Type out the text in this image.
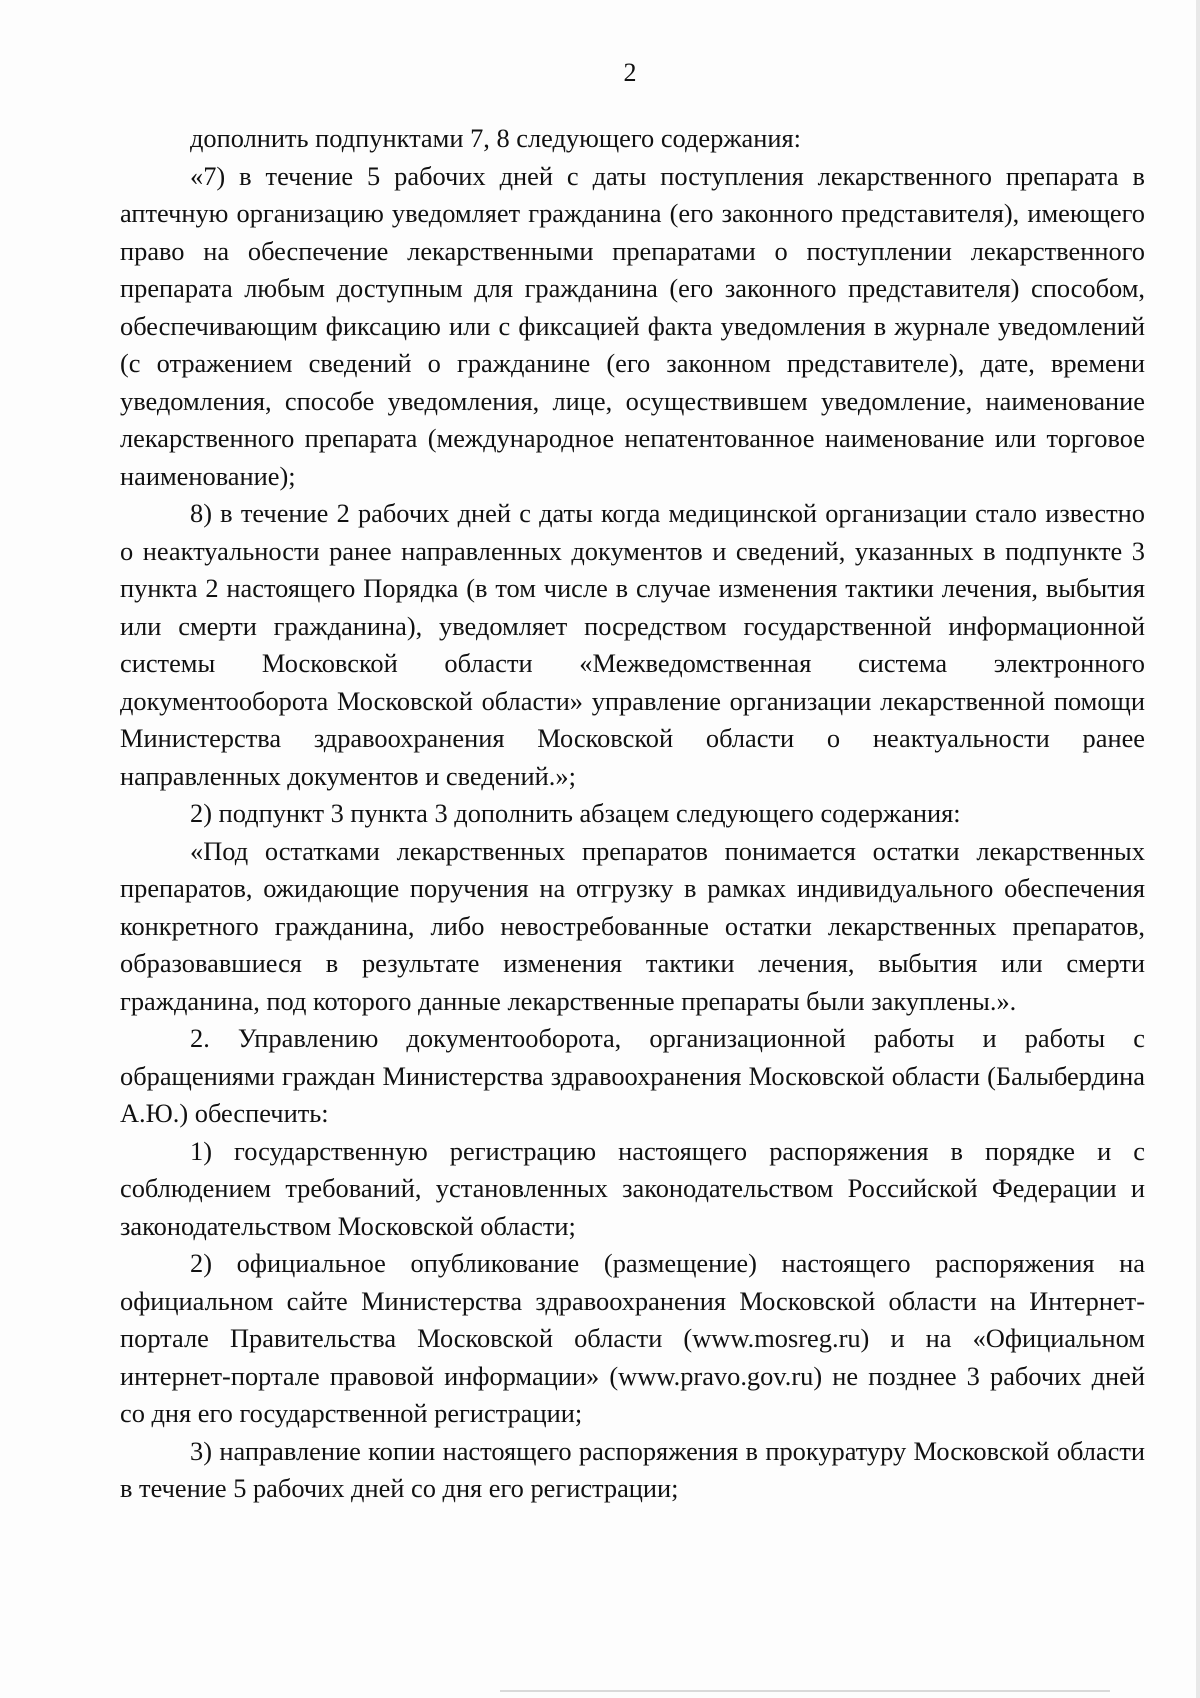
2

дополнить подпунктами 7, 8 следующего содержания:

«7) в течение 5 рабочих дней с даты поступления лекарственного препарата в аптечную организацию уведомляет гражданина (его законного представителя), имеющего право на обеспечение лекарственными препаратами о поступлении лекарственного препарата любым доступным для гражданина (его законного представителя) способом, обеспечивающим фиксацию или с фиксацией факта уведомления в журнале уведомлений (с отражением сведений о гражданине (его законном представителе), дате, времени уведомления, способе уведомления, лице, осуществившем уведомление, наименование лекарственного препарата (международное непатентованное наименование или торговое наименование);

8) в течение 2 рабочих дней с даты когда медицинской организации стало известно о неактуальности ранее направленных документов и сведений, указанных в подпункте 3 пункта 2 настоящего Порядка (в том числе в случае изменения тактики лечения, выбытия или смерти гражданина), уведомляет посредством государственной информационной системы Московской области «Межведомственная система электронного документооборота Московской области» управление организации лекарственной помощи Министерства здравоохранения Московской области о неактуальности ранее направленных документов и сведений.»;

2) подпункт 3 пункта 3 дополнить абзацем следующего содержания:

«Под остатками лекарственных препаратов понимается остатки лекарственных препаратов, ожидающие поручения на отгрузку в рамках индивидуального обеспечения конкретного гражданина, либо невостребованные остатки лекарственных препаратов, образовавшиеся в результате изменения тактики лечения, выбытия или смерти гражданина, под которого данные лекарственные препараты были закуплены.».

2. Управлению документооборота, организационной работы и работы с обращениями граждан Министерства здравоохранения Московской области (Балыбердина А.Ю.) обеспечить:

1) государственную регистрацию настоящего распоряжения в порядке и с соблюдением требований, установленных законодательством Российской Федерации и законодательством Московской области;

2) официальное опубликование (размещение) настоящего распоряжения на официальном сайте Министерства здравоохранения Московской области на Интернет-портале Правительства Московской области (www.mosreg.ru) и на «Официальном интернет-портале правовой информации» (www.pravo.gov.ru) не позднее 3 рабочих дней со дня его государственной регистрации;

3) направление копии настоящего распоряжения в прокуратуру Московской области в течение 5 рабочих дней со дня его регистрации;
